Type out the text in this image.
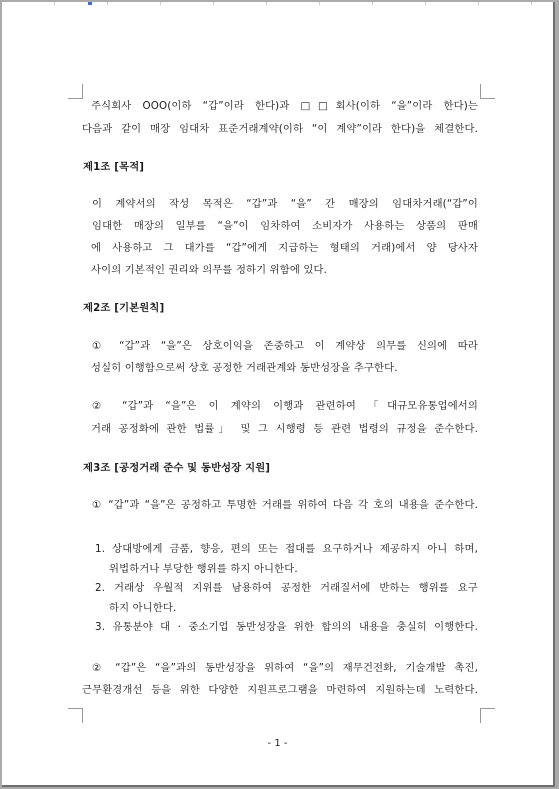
주식회사 OOO(이하 “갑”이라 한다)과 □□회사(이하 “을”이라 한다)는
다음과 같이 매장 임대차 표준거래계약(이하 “이 계약”이라 한다)을 체결한다.
제1조 [목적]
이 계약서의 작성 목적은 “갑”과 “을” 간 매장의 임대차거래(“갑”이
임대한 매장의 일부를 “을”이 임차하여 소비자가 사용하는 상품의 판매
에 사용하고 그 대가를 “갑”에게 지급하는 형태의 거래)에서 양 당사자
사이의 기본적인 권리와 의무를 정하기 위함에 있다.
제2조 [기본원칙]
① “갑”과 “을”은 상호이익을 존중하고 이 계약상 의무를 신의에 따라
성실히 이행함으로써 상호 공정한 거래관계와 동반성장을 추구한다.
② “갑”과 “을”은 이 계약의 이행과 관련하여 「대규모유통업에서의
거래 공정화에 관한 법률」 및 그 시행령 등 관련 법령의 규정을 준수한다.
제3조 [공정거래 준수 및 동반성장 지원]
① “갑”과 “을”은 공정하고 투명한 거래를 위하여 다음 각 호의 내용을 준수한다.
1. 상대방에게 금품, 향응, 편의 또는 접대를 요구하거나 제공하지 아니 하며,
위법하거나 부당한 행위를 하지 아니한다.
2. 거래상 우월적 지위를 남용하여 공정한 거래질서에 반하는 행위를 요구
하지 아니한다.
3. 유통분야 대 · 중소기업 동반성장을 위한 합의의 내용을 충실히 이행한다.
② “갑”은 “을”과의 동반성장을 위하여 “을”의 재무건전화, 기술개발 촉진,
근무환경개선 등을 위한 다양한 지원프로그램을 마련하여 지원하는데 노력한다.
- 1 -
